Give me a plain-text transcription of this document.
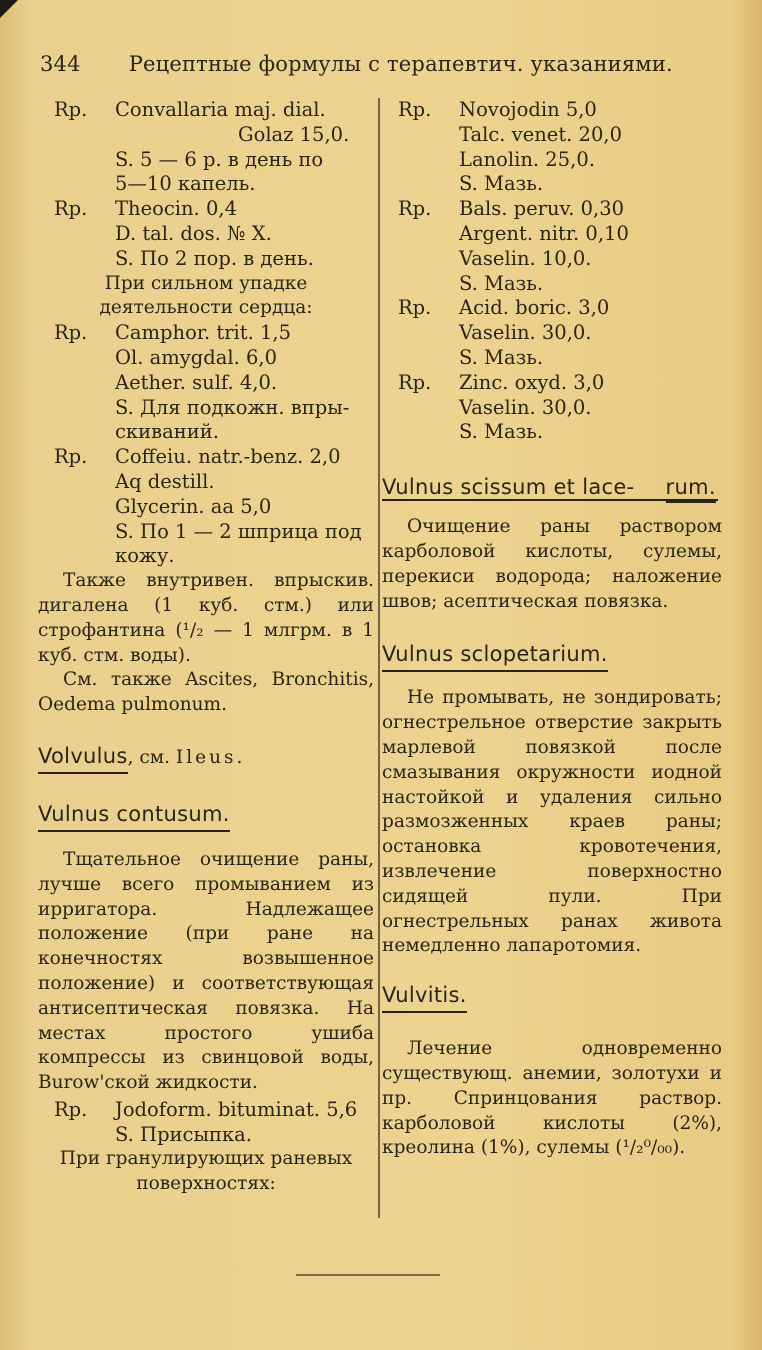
344 Рецептные формулы с терапевтич. указаниями.
Rp.	Convallaria maj. dial.
Golaz 15,0.
S. 5 — 6 р. в день по
5—10 капель.
Rp.	Theocin. 0,4
D. tal. dos. № X.
S. По 2 пор. в день.
При сильном упадке деятельности сердца:
Rp.	Camphor. trit. 1,5
Ol. amygdal. 6,0
Aether. sulf. 4,0.
S. Для подкожн. впры-
скиваний.
Rp.	Coffeiu. natr.-benz. 2,0
Aq destill.
Glycerin. aa 5,0
S. По 1 — 2 шприца под
кожу.
Также внутривен. впрыскив. дигалена (1 куб. стм.) или строфантина (¹/₂ — 1 млгрм. в 1 куб. стм. воды).
См. также Ascites, Bronchitis, Oedema pulmonum.
Volvulus, см. Ileus.
Vulnus contusum.
Тщательное очищение раны, лучше всего промыванием из ирригатора. Надлежащее положение (при ране на конечностях возвышенное положение) и соответствующая антисептическая повязка. На местах простого ушиба компрессы из свинцовой воды, Burow'ской жидкости.
Rp.	Jodoform. bituminat. 5,6
S. Присыпка.
При гранулирующих раневых поверхностях:
Rp.	Novojodin 5,0
Talc. venet. 20,0
Lanolin. 25,0.
S. Мазь.
Rp.	Bals. peruv. 0,30
Argent. nitr. 0,10
Vaselin. 10,0.
S. Мазь.
Rp.	Acid. boric. 3,0
Vaselin. 30,0.
S. Мазь.
Rp.	Zinc. oxyd. 3,0
Vaselin. 30,0.
S. Мазь.
Vulnus scissum et lace- rum.
Очищение раны раствором карболовой кислоты, сулемы, перекиси водорода; наложение швов; асептическая повязка.
Vulnus sclopetarium.
Не промывать, не зондировать; огнестрельное отверстие закрыть марлевой повязкой после смазывания окружности иодной настойкой и удаления сильно размозженных краев раны; остановка кровотечения, извлечение поверхностно сидящей пули. При огнестрельных ранах живота немедленно лапаротомия.
Vulvitis.
Лечение одновременно существующ. анемии, золотухи и пр. Спринцования раствор. карболовой кислоты (2%), креолина (1%), сулемы (¹/₂⁰/₀₀).
